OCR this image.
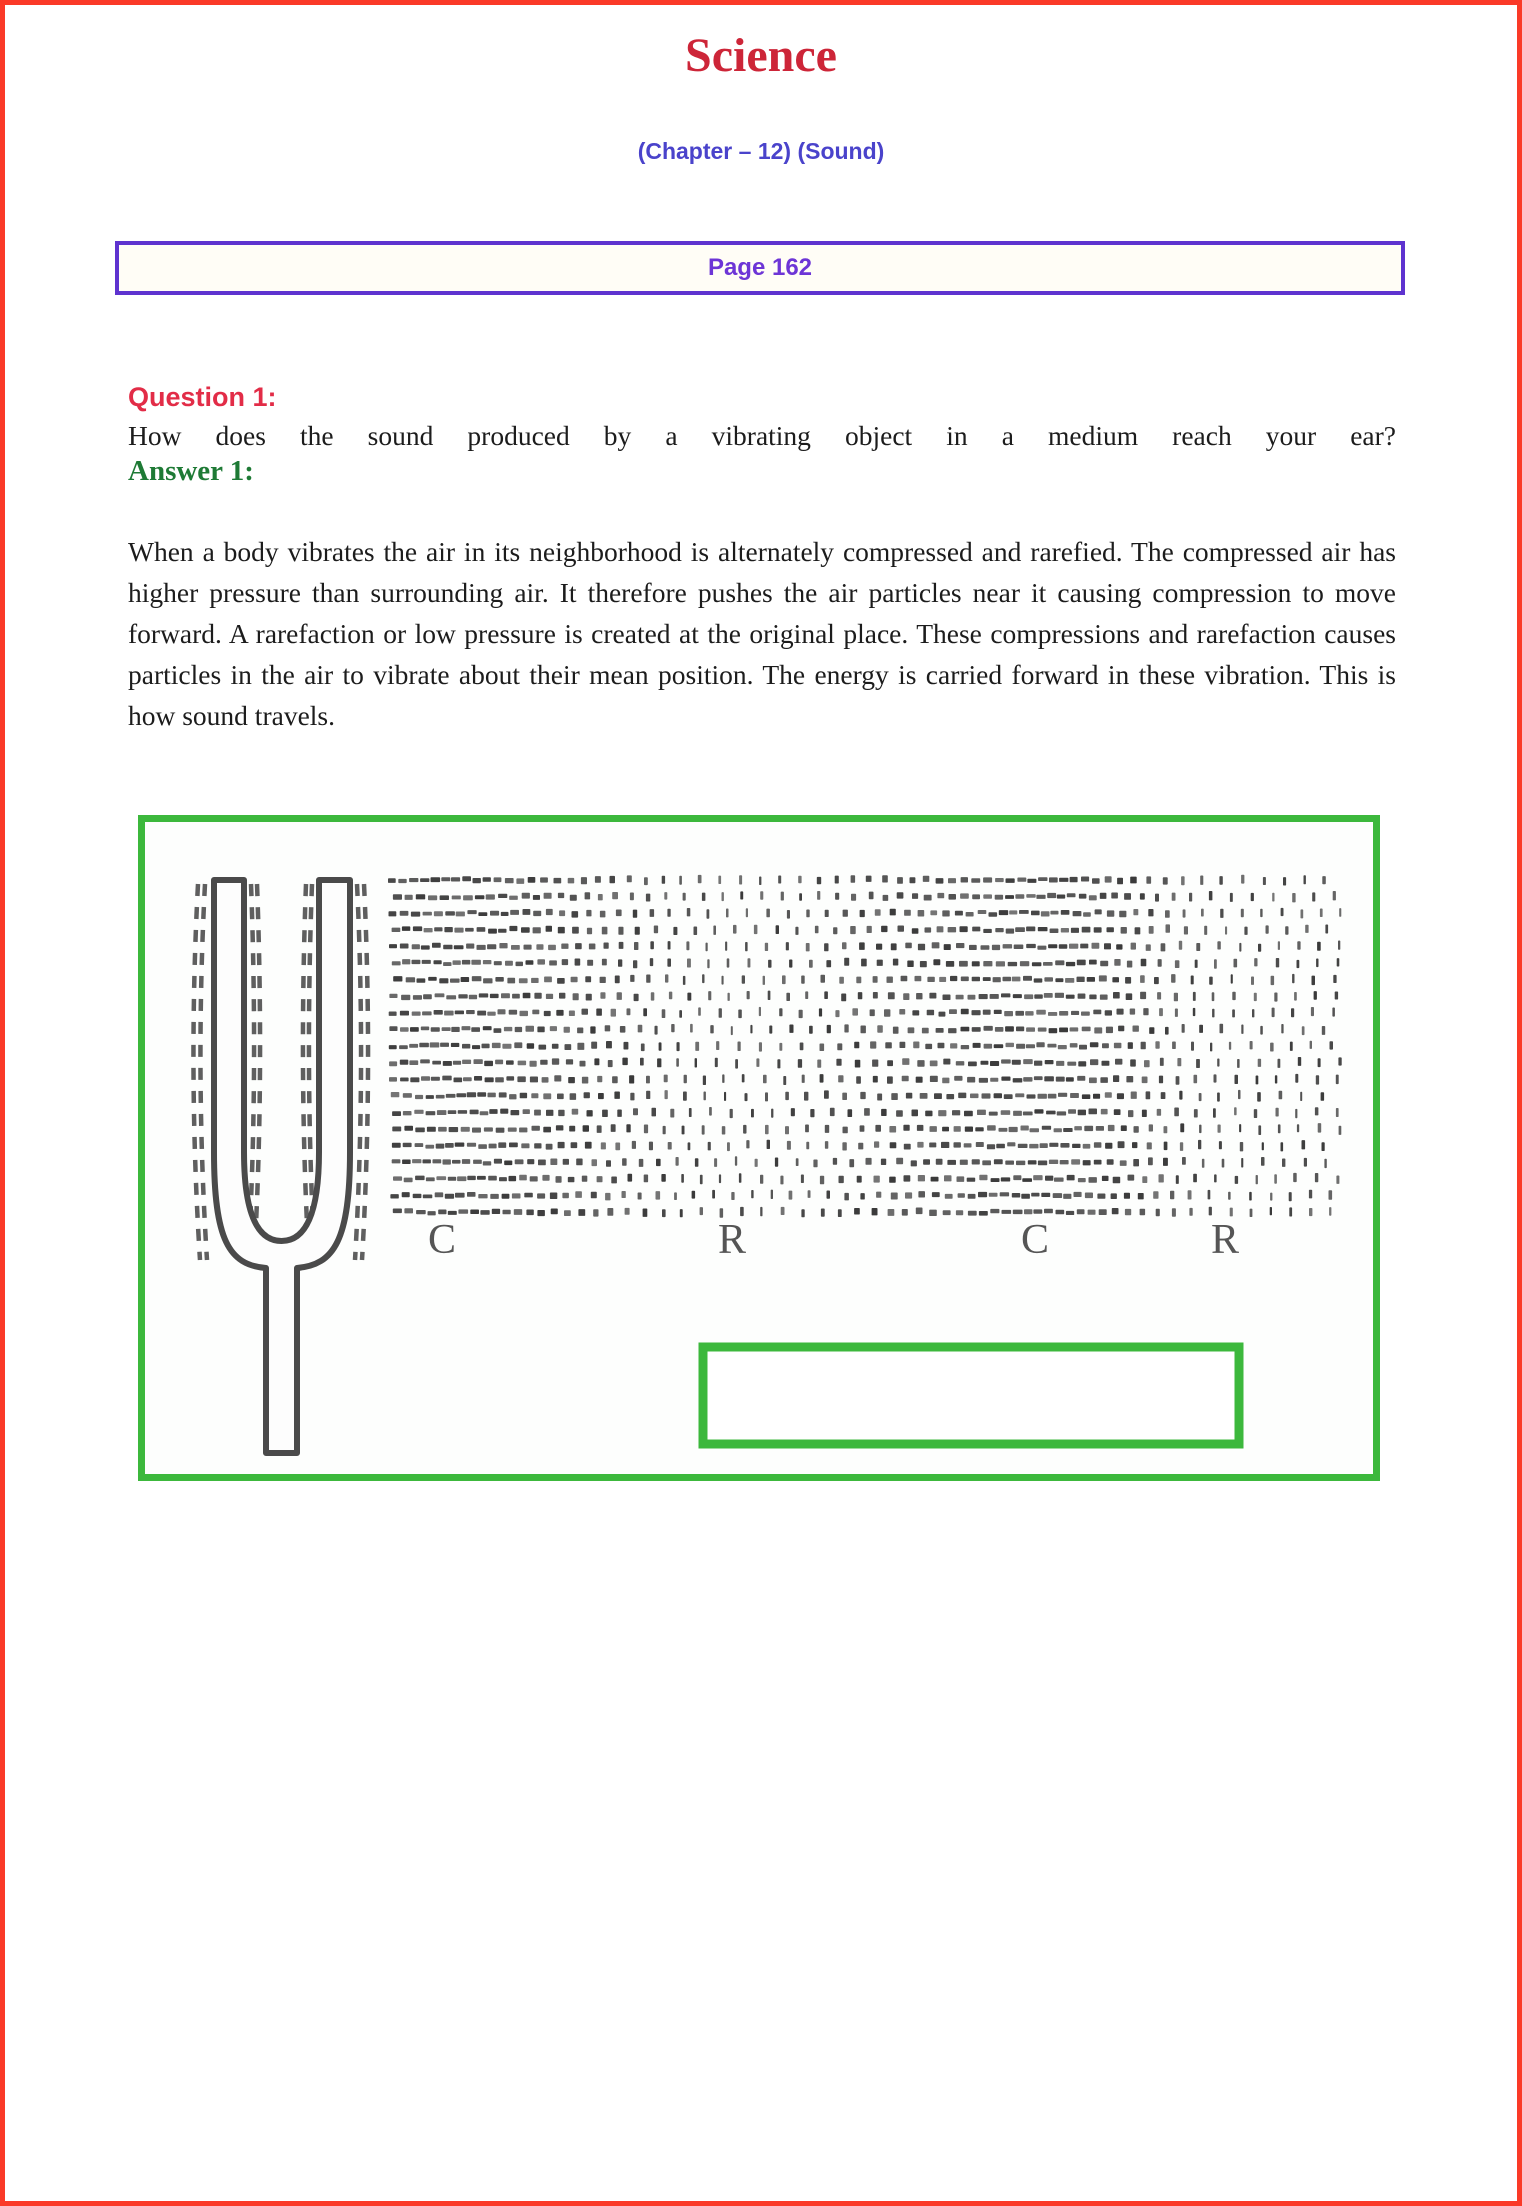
Science
(Chapter – 12) (Sound)
Page 162
Question 1:
How does the sound produced by a vibrating object in a medium reach your ear?
Answer 1:
When a body vibrates the air in its neighborhood is alternately compressed and rarefied. The compressed air has higher pressure than surrounding air. It therefore pushes the air particles near it causing compression to move forward. A rarefaction or low pressure is created at the original place. These compressions and rarefaction causes particles in the air to vibrate about their mean position. The energy is carried forward in these vibration. This is how sound travels.
C	R	C	R
